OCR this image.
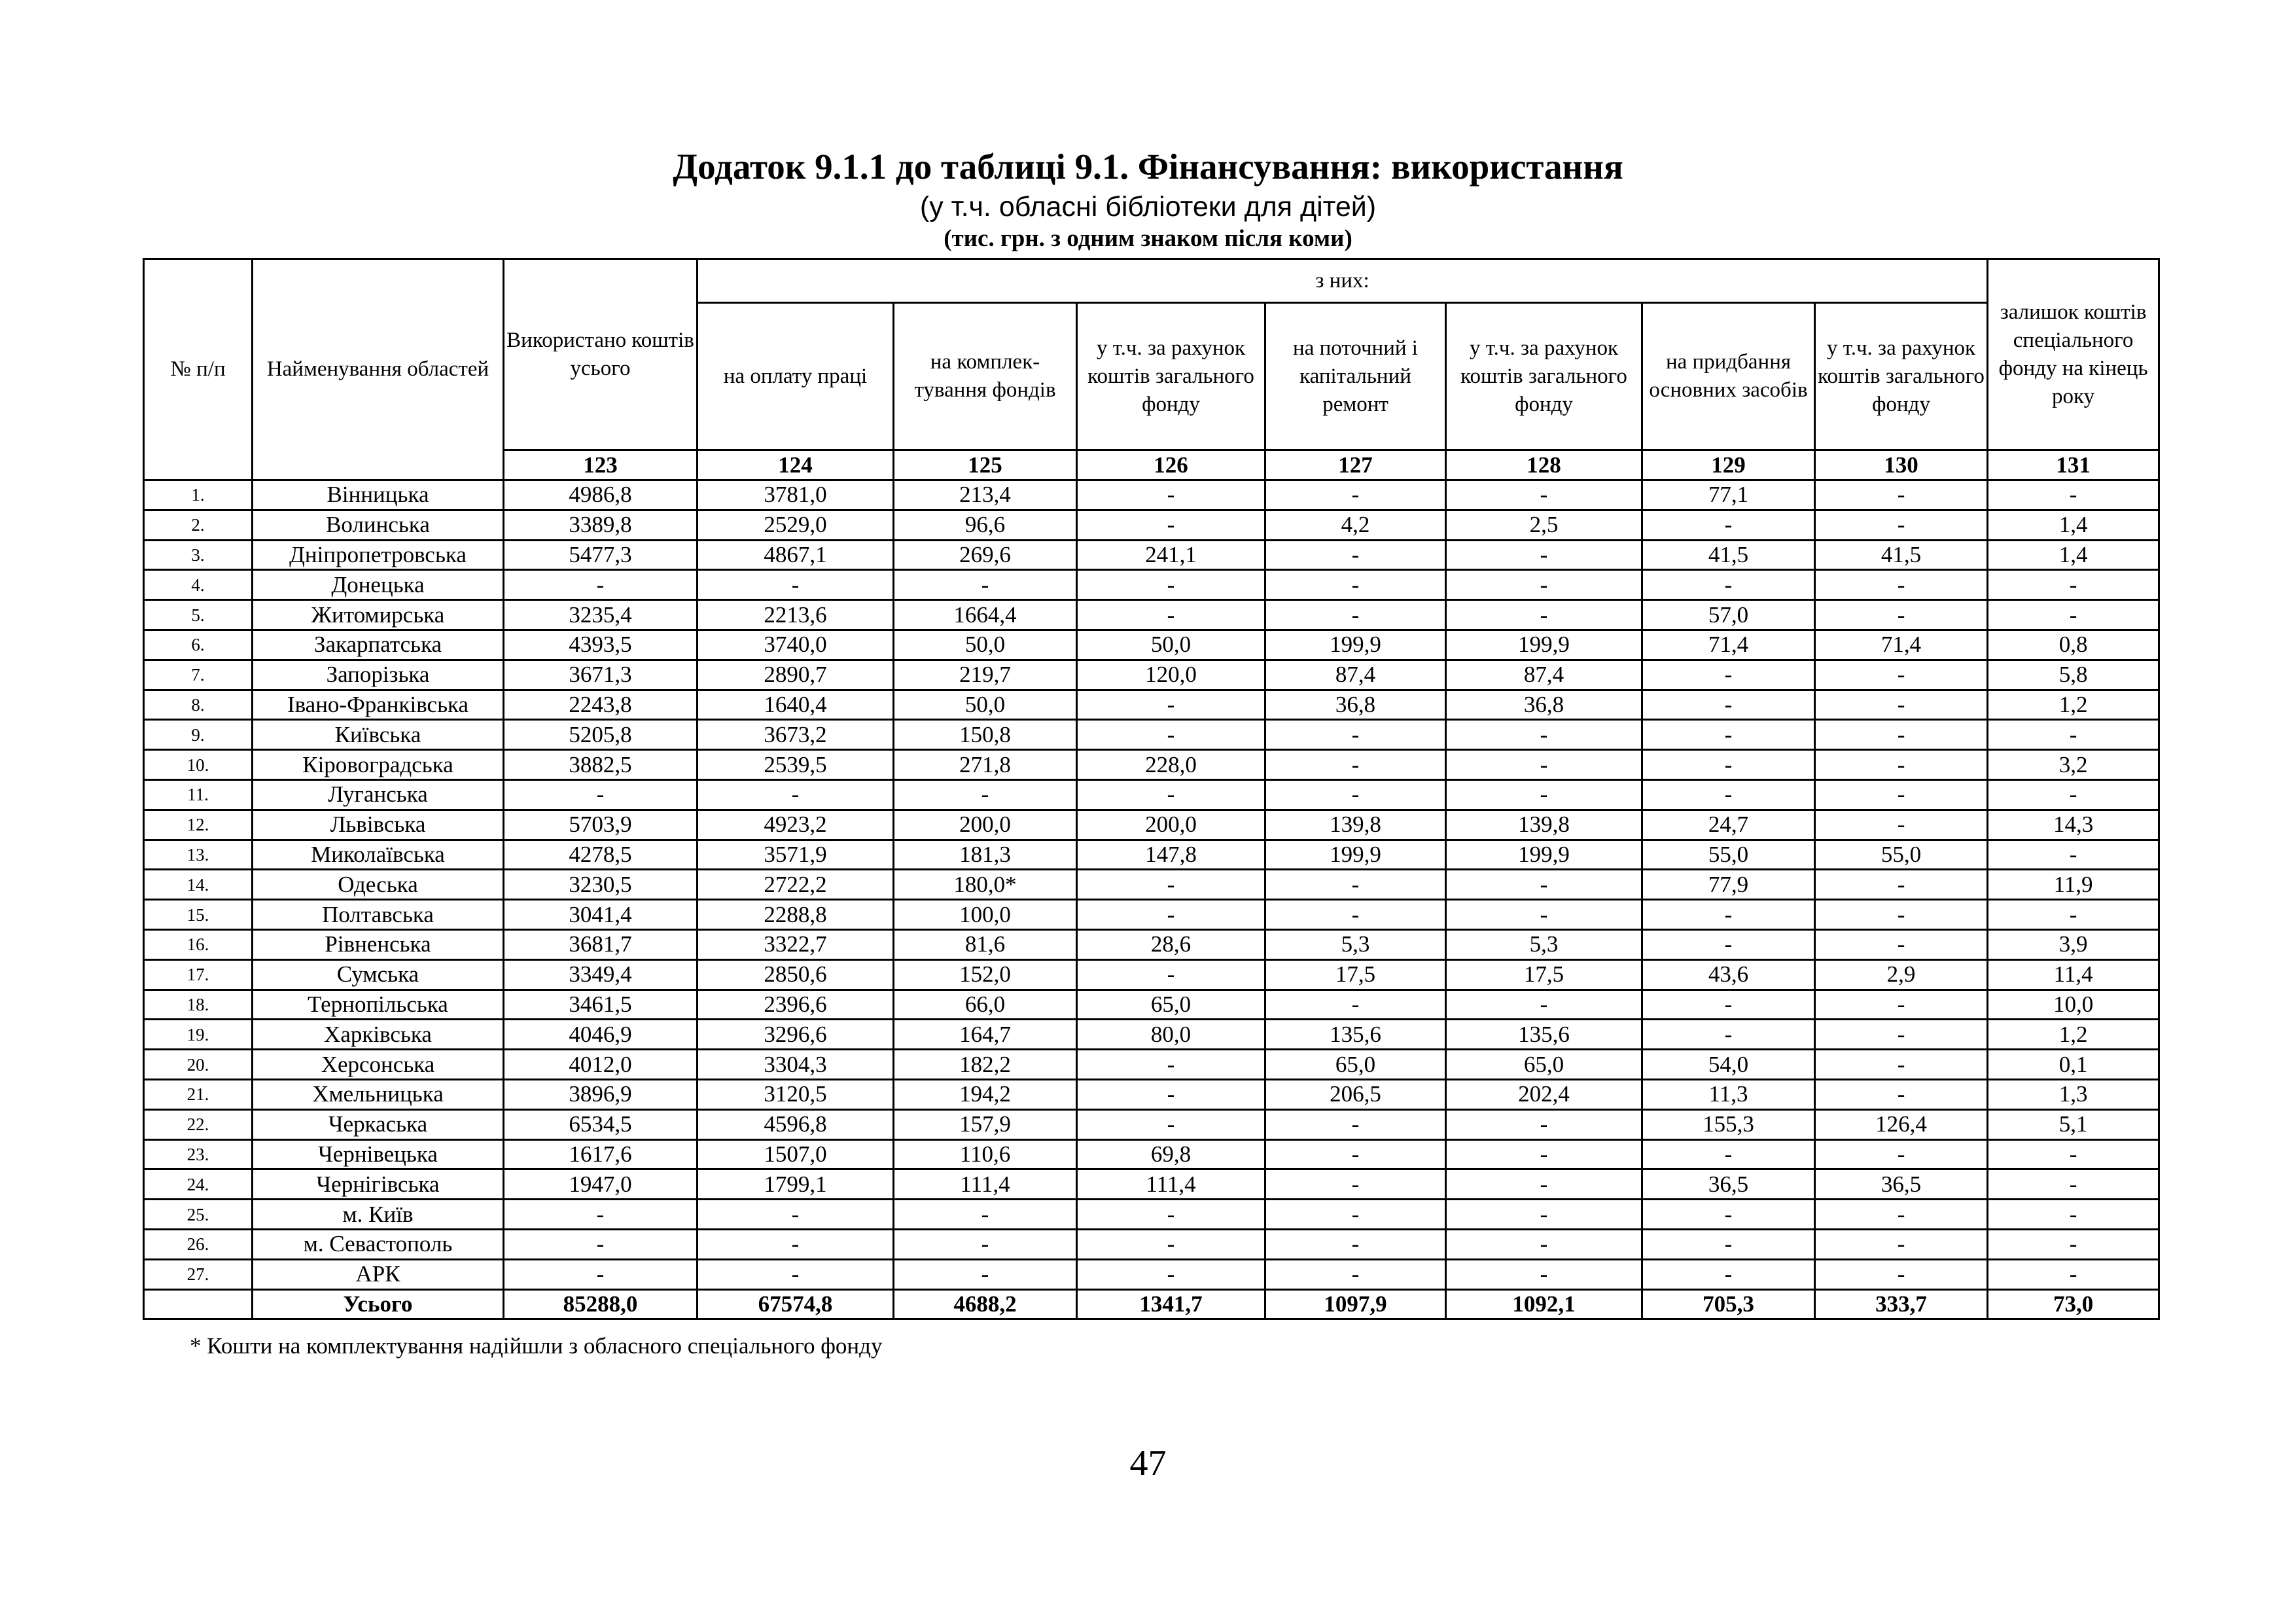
Додаток 9.1.1 до таблиці 9.1. Фінансування: використання
(у т.ч. обласні бібліотеки для дітей)
(тис. грн. з одним знаком після коми)
№ п/п	Найменування областей	Використано коштів усього	з них:							залишок коштів спеціального фонду на кінець року
			на оплату праці	на комплек-тування фондів	у т.ч. за рахунок коштів загального фонду	на поточний і капітальний ремонт	у т.ч. за рахунок коштів загального фонду	на придбання основних засобів	у т.ч. за рахунок коштів загального фонду	
		123	124	125	126	127	128	129	130	131
1.	Вінницька	4986,8	3781,0	213,4	-	-	-	77,1	-	-
2.	Волинська	3389,8	2529,0	96,6	-	4,2	2,5	-	-	1,4
3.	Дніпропетровська	5477,3	4867,1	269,6	241,1	-	-	41,5	41,5	1,4
4.	Донецька	-	-	-	-	-	-	-	-	-
5.	Житомирська	3235,4	2213,6	1664,4	-	-	-	57,0	-	-
6.	Закарпатська	4393,5	3740,0	50,0	50,0	199,9	199,9	71,4	71,4	0,8
7.	Запорізька	3671,3	2890,7	219,7	120,0	87,4	87,4	-	-	5,8
8.	Івано-Франківська	2243,8	1640,4	50,0	-	36,8	36,8	-	-	1,2
9.	Київська	5205,8	3673,2	150,8	-	-	-	-	-	-
10.	Кіровоградська	3882,5	2539,5	271,8	228,0	-	-	-	-	3,2
11.	Луганська	-	-	-	-	-	-	-	-	-
12.	Львівська	5703,9	4923,2	200,0	200,0	139,8	139,8	24,7	-	14,3
13.	Миколаївська	4278,5	3571,9	181,3	147,8	199,9	199,9	55,0	55,0	-
14.	Одеська	3230,5	2722,2	180,0*	-	-	-	77,9	-	11,9
15.	Полтавська	3041,4	2288,8	100,0	-	-	-	-	-	-
16.	Рівненська	3681,7	3322,7	81,6	28,6	5,3	5,3	-	-	3,9
17.	Сумська	3349,4	2850,6	152,0	-	17,5	17,5	43,6	2,9	11,4
18.	Тернопільська	3461,5	2396,6	66,0	65,0	-	-	-	-	10,0
19.	Харківська	4046,9	3296,6	164,7	80,0	135,6	135,6	-	-	1,2
20.	Херсонська	4012,0	3304,3	182,2	-	65,0	65,0	54,0	-	0,1
21.	Хмельницька	3896,9	3120,5	194,2	-	206,5	202,4	11,3	-	1,3
22.	Черкаська	6534,5	4596,8	157,9	-	-	-	155,3	126,4	5,1
23.	Чернівецька	1617,6	1507,0	110,6	69,8	-	-	-	-	-
24.	Чернігівська	1947,0	1799,1	111,4	111,4	-	-	36,5	36,5	-
25.	м. Київ	-	-	-	-	-	-	-	-	-
26.	м. Севастополь	-	-	-	-	-	-	-	-	-
27.	АРК	-	-	-	-	-	-	-	-	-
	Усього	85288,0	67574,8	4688,2	1341,7	1097,9	1092,1	705,3	333,7	73,0
* Кошти на комплектування надійшли з обласного спеціального фонду
47
